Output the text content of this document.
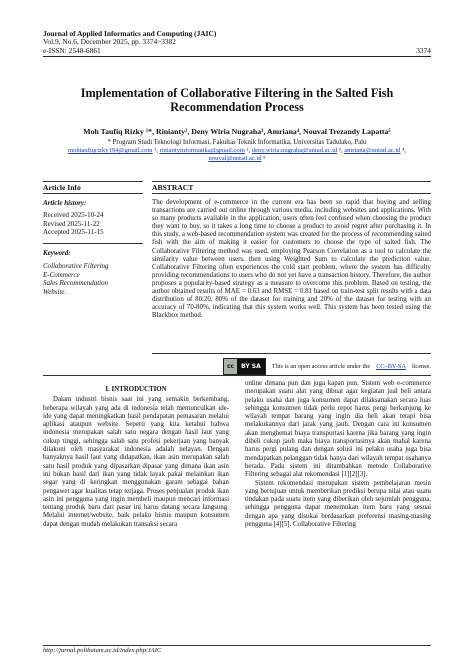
Journal of Applied Informatics and Computing (JAIC)
Vol.9, No.6, December 2025, pp. 3374~3382
e-ISSN: 2548-6861	3374
Implementation of Collaborative Filtering in the Salted Fish
Recommendation Process
Moh Taufiq Rizky ¹*, Rinianty², Deny Wiria Nugraha³, Amriana⁴, Nouval Trezandy Lapatta⁵
* Program Studi Teknologi Informasi, Fakultas Teknik Informatika, Universitas Tadulako, Palu
mohtaufiqrizky194@gmail.com ¹, riniantyinformatika@gmail.com ², deny.wiria.nugraha@untad.ac.id ³, amriana@untad.ac.id ⁴,
nouval@untad.ac.id ⁵
Article Info	ABSTRACT
Article history:
Received 2025-10-24
Revised 2025-11-22
Accepted 2025-11-15
Keyword:
Collaborative Filtering
E-Commerce
Sales Recommendation
Website.
The development of e-commerce in the current era has been so rapid that buying and selling transactions are carried out online through various media, including websites and applications. With so many products available in the application, users often feel confused when choosing the product they want to buy, so it takes a long time to choose a product to avoid regret after purchasing it. In this study, a web-based recommendation system was created for the process of recommending salted fish with the aim of making it easier for customers to choose the type of salted fish. The Collaborative Filtering method was used, employing Pearson Correlation as a tool to calculate the similarity value between users, then using Weighted Sum to calculate the prediction value. Collaborative Filtering often experiences the cold start problem, where the system has difficulty providing recommendations to users who do not yet have a transaction history. Therefore, the author proposes a popularity-based strategy as a measure to overcome this problem. Based on testing, the author obtained results of MAE = 0.63 and RMSE = 0.81 based on train-test split results with a data distribution of 80:20, 80% of the dataset for training and 20% of the dataset for testing with an accuracy of 70-80%, indicating that this system works well. This system has been tested using the Blackbox method.
cc	BY SA	This is an open access article under the CC–BY-SA license.
I. INTRODUCTION

Dalam industri bisnis saat ini yang semakin berkembang, beberapa wilayah yang ada di indonesia telah memunculkan ide-ide yang dapat meningkatkan hasil pendapatan pemasaran melalui aplikasi ataupun website. Seperti yang kita ketahui bahwa indonesia merupakan salah satu negara dengan hasil laut yang cukup tinggi, sehingga salah satu profesi pekerjaan yang banyak dilakoni oleh masyarakat indonesia adalah nelayan. Dengan banyaknya hasil laut yang didapatkan, ikan asin merupakan salah satu hasil produk yang dipasarkan dipasar yang dimana ikan asin ini bukan hasil dari ikan yang tidak layak pakai melainkan ikan segar yang di keringkan menggunakan garam sebagai bahan pengawet agar kualitas tetap terjaga. Proses penjualan produk ikan asin ini pengguna yang ingin membeli maupun mencari informasi tentang produk baru dari pasar ini harus datang secara langsung. Melalui internet/website, baik pelaku bisnis maupun konsumen dapat dengan mudah melakukan transaksi secara

online dimana pun dan juga kapan pun. Sistem web e-commerce merupakan suatu alat yang dibuat agar kegiatan jual beli antara pelaku usaha dan juga konsumen dapat dilaksanakan secara luas sehingga konsumen tidak perlu repot harus pergi berkunjung ke wilayah tempat barang yang ingin dia beli akan tetapi bisa melakukannya dari jarak yang jauh. Dengan cara ini konsumen akan menghemat biaya transportasi karena jika barang yang ingin dibeli cukup jauh maka biaya transportasinya akan mahal karena harus pergi pulang dan dengan solusi ini pelaku usaha juga bisa mendapatkan pelanggan tidak hanya dari wilayah tempat usahanya berada. Pada sistem ini ditambahkan metode Collaborative Filtering sebagai alat rekomendasi [1][2][3].

Sistem rekomendasi merupakan sistem pembelajaran mesin yang bertujuan untuk memberikan prediksi berupa nilai atau suatu tindakan pada suatu item yang diberikan oleh sejumlah pengguna, sehingga pengguna dapat menemukan item baru yang sesuai dengan apa yang disukai berdasarkan preferensi masing-masing pengguna [4][5]. Collaborative Filtering

http://jurnal.polibatam.ac.id/index.php/JAIC
